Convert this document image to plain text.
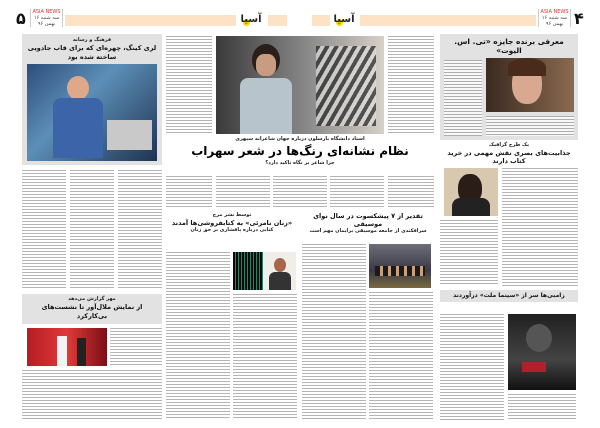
۵	ASIA NEWS
سه شنبه ۱۶ بهمن ۹۶	آسیا	آسیا
ASIA NEWS
سه شنبه ۱۶ بهمن ۹۶ ۴
فرهنگ و رسانه
لری کینگ، چهره‌ای که برای قاب جادویی ساخته شده بود
مهر گزارش می‌دهد
از نمایش ملال‌آور تا نشست‌های بی‌کارکرد
استاد دانشگاه بارسلون درباره جهان شاعرانه سپهری
نظام نشانه‌ای رنگ‌ها در شعر سهراب
چرا شاعر بر نگاه تاکید دارد؟
توسط نشر مرج
«زنان نامرئی» به کتابفروشی‌ها آمدند
کتابی درباره پافشاری بر حق زنان
تقدیر از ۷ پیشکسوت در سال نوای موسیقی
سرافکندی از جامعه موسیقی برایمان مهم است
معرفی برنده جایزه «تی. اس. الیوت»
یک طرح گرافیک
جذابیت‌های بصری نقش مهمی در خرید کتاب دارند
زامبی‌ها سر از «سینما ملت» درآوردند
